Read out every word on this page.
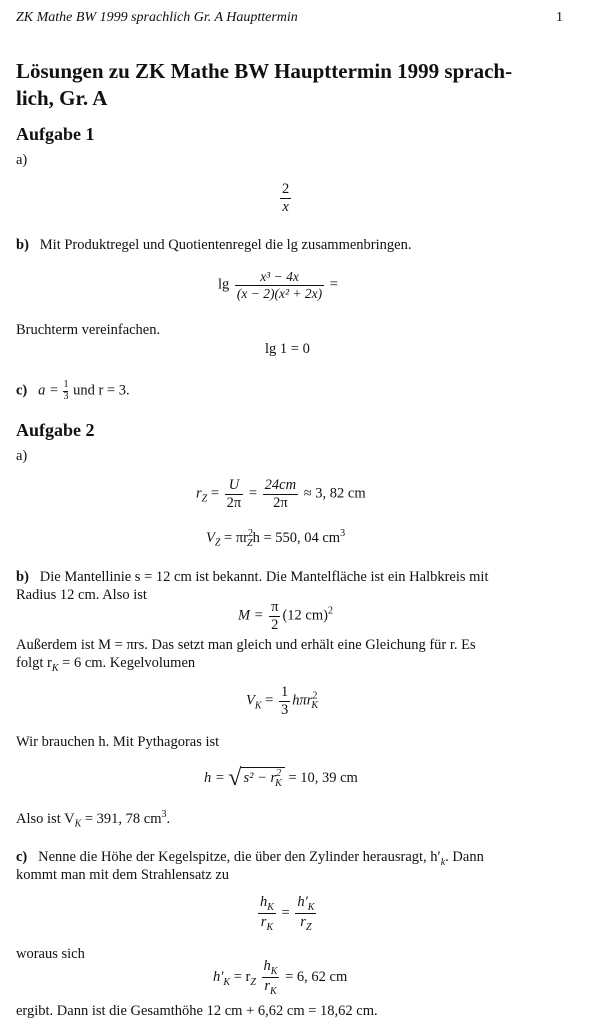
ZK Mathe BW 1999 sprachlich Gr. A Haupttermin	1
Lösungen zu ZK Mathe BW Haupttermin 1999 sprach-
lich, Gr. A
Aufgabe 1
a)
$\frac{2}{x}$
b) Mit Produktregel und Quotientenregel die lg zusammenbringen.
$\lg \frac{\text{x³ − 4x}}{\text{(x − 2)(x² + 2x)}}$ =
Bruchterm vereinfachen.
lg 1 = 0
c) $a = \frac{1}{3}$ und r = 3.
Aufgabe 2
a)
$r_Z = \frac{U}{2\pi} = \frac{24cm}{2\pi} \approx 3$, 82 cm
$V_Z = \pi r^2_Zh = 550$, 04 $cm^3$
b) Die Mantellinie s = 12 cm ist bekannt. Die Mantelfläche ist ein Halbkreis mit
Radius 12 cm. Also ist
$M = \frac{\pi}{2} (12$ cm)$^2$
Außerdem ist M = πrs. Das setzt man gleich und erhält eine Gleichung für r. Es
folgt $r_K = 6$ cm. Kegelvolumen
$V_K = \frac{1}{3} h\pi r^2_K$
Wir brauchen h. Mit Pythagoras ist
h = √ $s^2 - r^2_K = 10$, 39 cm
Also ist $V_K = 391$, 78 $cm^3$.
c) Nenne die Höhe der Kegelspitze, die über den Zylinder herausragt, $h'_k$. Dann
kommt man mit dem Strahlensatz zu
$\frac{h_K}{r_K} = \frac{h'_K}{r_Z}$
woraus sich
$h'_K = r_Z \frac{h_K}{r_K} = 6$, 62 cm
ergibt. Dann ist die Gesamthöhe 12 cm + 6,62 cm = 18,62 cm.
